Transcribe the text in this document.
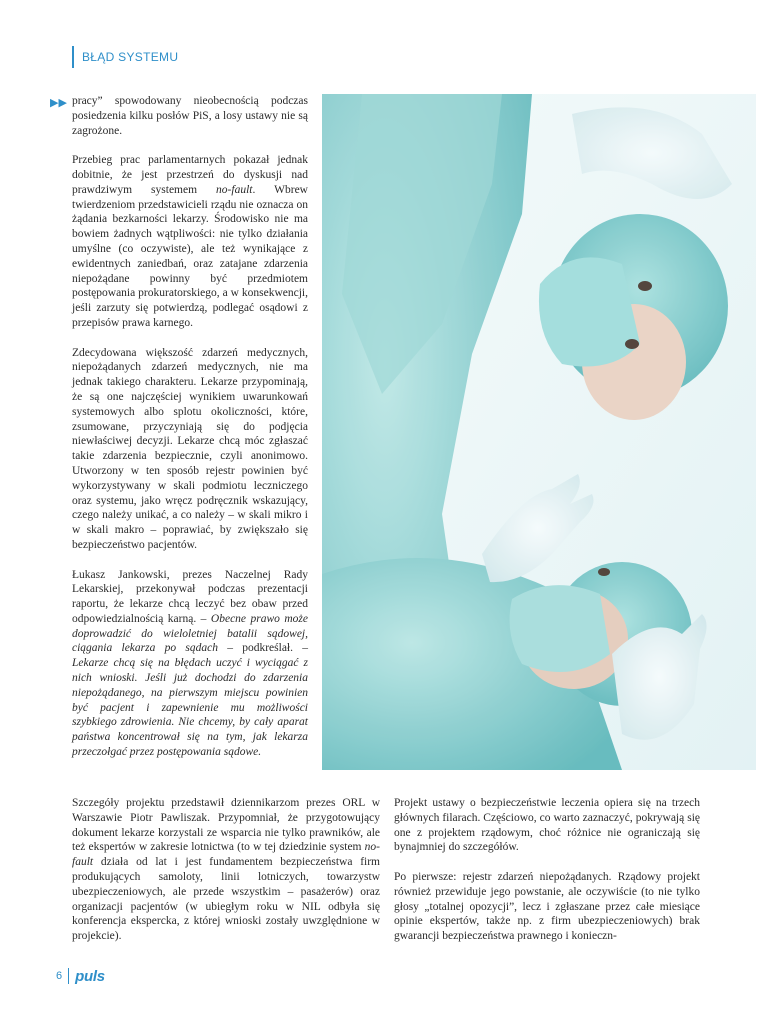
BŁĄD SYSTEMU
▶▶ pracy” spowodowany nieobecnością podczas posiedzenia kilku posłów PiS, a losy ustawy nie są zagrożone.

Przebieg prac parlamentarnych pokazał jednak dobitnie, że jest przestrzeń do dyskusji nad prawdziwym systemem no-fault. Wbrew twierdzeniom przedstawicieli rządu nie oznacza on żądania bezkarności lekarzy. Środowisko nie ma bowiem żadnych wątpliwości: nie tylko działania umyślne (co oczywiste), ale też wynikające z ewidentnych zaniedbań, oraz zatajane zdarzenia niepożądane powinny być przedmiotem postępowania prokuratorskiego, a w konsekwencji, jeśli zarzuty się potwierdzą, podlegać osądowi z przepisów prawa karnego.

Zdecydowana większość zdarzeń medycznych, niepożądanych zdarzeń medycznych, nie ma jednak takiego charakteru. Lekarze przypominają, że są one najczęściej wynikiem uwarunkowań systemowych albo splotu okoliczności, które, zsumowane, przyczyniają się do podjęcia niewłaściwej decyzji. Lekarze chcą móc zgłaszać takie zdarzenia bezpiecznie, czyli anonimowo. Utworzony w ten sposób rejestr powinien być wykorzystywany w skali podmiotu leczniczego oraz systemu, jako wręcz podręcznik wskazujący, czego należy unikać, a co należy – w skali mikro i w skali makro – poprawiać, by zwiększało się bezpieczeństwo pacjentów.

Łukasz Jankowski, prezes Naczelnej Rady Lekarskiej, przekonywał podczas prezentacji raportu, że lekarze chcą leczyć bez obaw przed odpowiedzialnością karną. – Obecne prawo może doprowadzić do wieloletniej batalii sądowej, ciągania lekarza po sądach – podkreślał. – Lekarze chcą się na błędach uczyć i wyciągać z nich wnioski. Jeśli już dochodzi do zdarzenia niepożądanego, na pierwszym miejscu powinien być pacjent i zapewnienie mu możliwości szybkiego zdrowienia. Nie chcemy, by cały aparat państwa koncentrował się na tym, jak lekarza przeczołgać przez postępowania sądowe.

Szczegóły projektu przedstawił dziennikarzom prezes ORL w Warszawie Piotr Pawliszak. Przypomniał, że przygotowujący dokument lekarze korzystali ze wsparcia nie tylko prawników, ale też ekspertów w zakresie lotnictwa (to w tej dziedzinie system no-fault działa od lat i jest fundamentem bezpieczeństwa firm produkujących samoloty, linii lotniczych, towarzystw ubezpieczeniowych, ale przede wszystkim – pasażerów) oraz organizacji pacjentów (w ubiegłym roku w NIL odbyła się konferencja ekspercka, z której wnioski zostały uwzględnione w projekcie).

Projekt ustawy o bezpieczeństwie leczenia opiera się na trzech głównych filarach. Częściowo, co warto zaznaczyć, pokrywają się one z projektem rządowym, choć różnice nie ograniczają się bynajmniej do szczegółów.

Po pierwsze: rejestr zdarzeń niepożądanych. Rządowy projekt również przewiduje jego powstanie, ale oczywiście (to nie tylko głosy „totalnej opozycji”, lecz i zgłaszane przez całe miesiące opinie ekspertów, także np. z firm ubezpieczeniowych) brak gwarancji bezpieczeństwa prawnego i konieczn-

6 puls
